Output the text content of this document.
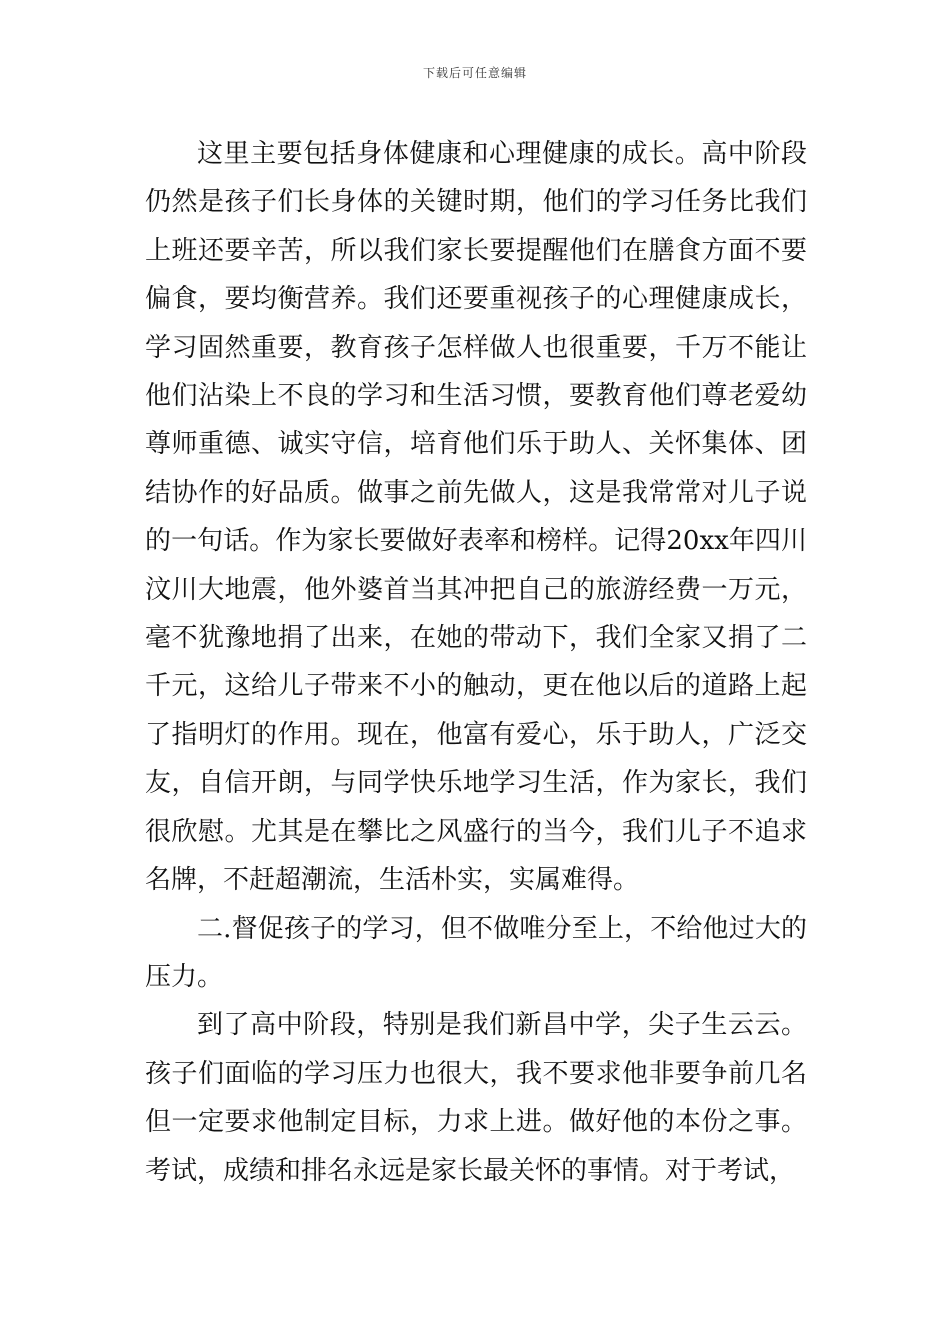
下载后可任意编辑

这里主要包括身体健康和心理健康的成长。高中阶段仍然是孩子们长身体的关键时期，他们的学习任务比我们上班还要辛苦，所以我们家长要提醒他们在膳食方面不要偏食，要均衡营养。我们还要重视孩子的心理健康成长，学习固然重要，教育孩子怎样做人也很重要，千万不能让他们沾染上不良的学习和生活习惯，要教育他们尊老爱幼尊师重德、诚实守信，培育他们乐于助人、关怀集体、团结协作的好品质。做事之前先做人，这是我常常对儿子说的一句话。作为家长要做好表率和榜样。记得20xx年四川汶川大地震，他外婆首当其冲把自己的旅游经费一万元，毫不犹豫地捐了出来，在她的带动下，我们全家又捐了二千元，这给儿子带来不小的触动，更在他以后的道路上起了指明灯的作用。现在，他富有爱心，乐于助人，广泛交友，自信开朗，与同学快乐地学习生活，作为家长，我们很欣慰。尤其是在攀比之风盛行的当今，我们儿子不追求名牌，不赶超潮流，生活朴实，实属难得。

二.督促孩子的学习，但不做唯分至上，不给他过大的压力。

到了高中阶段，特别是我们新昌中学，尖子生云云。孩子们面临的学习压力也很大，我不要求他非要争前几名但一定要求他制定目标，力求上进。做好他的本份之事。考试，成绩和排名永远是家长最关怀的事情。对于考试，
